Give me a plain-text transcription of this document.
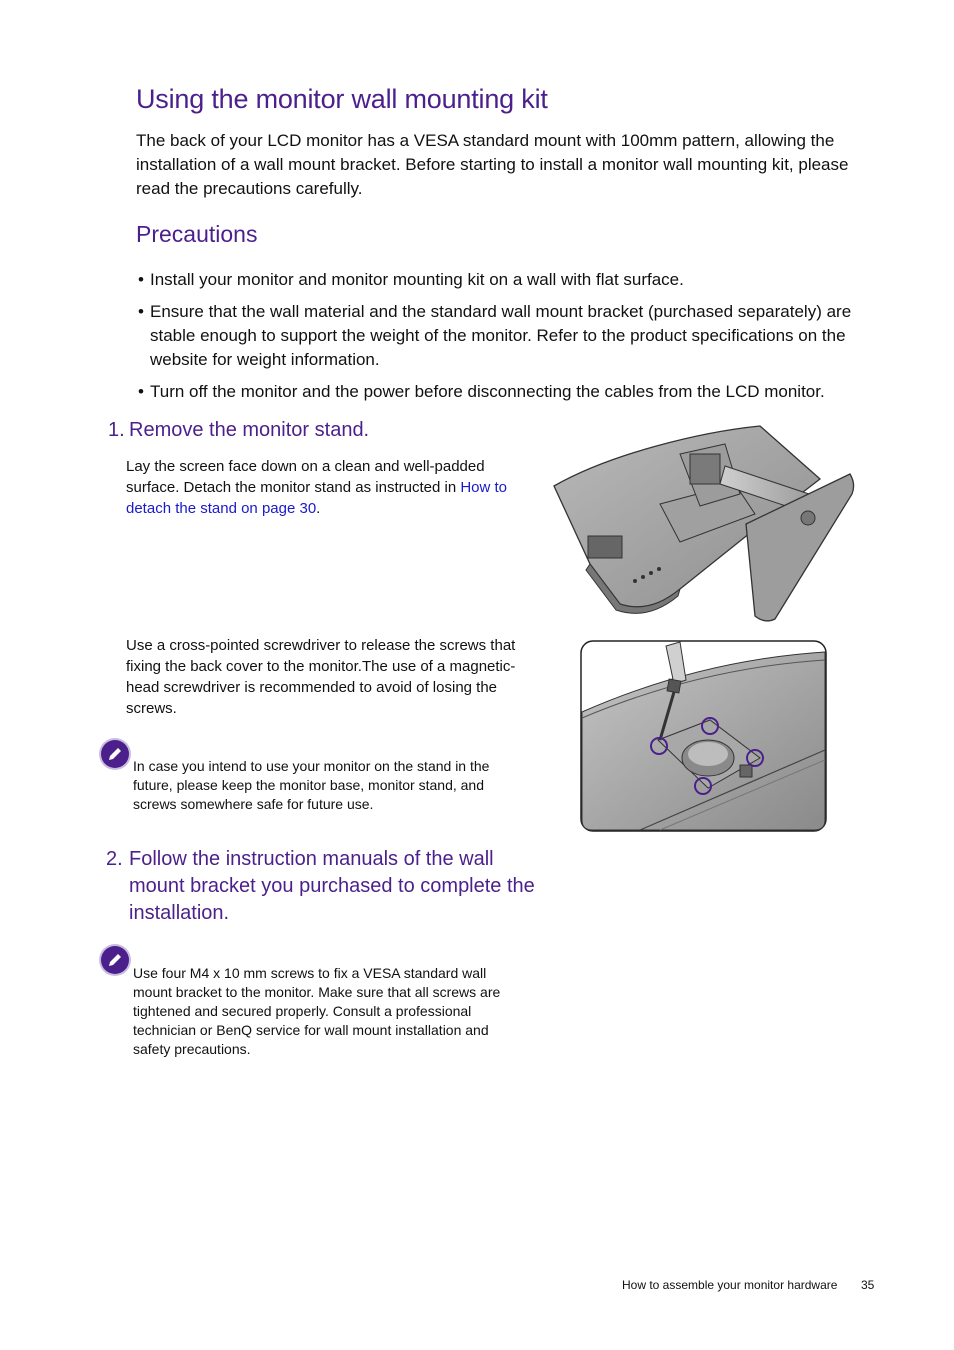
Using the monitor wall mounting kit

The back of your LCD monitor has a VESA standard mount with 100mm pattern, allowing the installation of a wall mount bracket. Before starting to install a monitor wall mounting kit, please read the precautions carefully.

Precautions
• Install your monitor and monitor mounting kit on a wall with flat surface.
• Ensure that the wall material and the standard wall mount bracket (purchased separately) are stable enough to support the weight of the monitor. Refer to the product specifications on the website for weight information.
• Turn off the monitor and the power before disconnecting the cables from the LCD monitor.
1. Remove the monitor stand.

Lay the screen face down on a clean and well-padded surface. Detach the monitor stand as instructed in How to detach the stand on page 30.

Use a cross-pointed screwdriver to release the screws that fixing the back cover to the monitor.The use of a magnetic-head screwdriver is recommended to avoid of losing the screws.

In case you intend to use your monitor on the stand in the future, please keep the monitor base, monitor stand, and screws somewhere safe for future use.

2. Follow the instruction manuals of the wall mount bracket you purchased to complete the installation.

Use four M4 x 10 mm screws to fix a VESA standard wall mount bracket to the monitor. Make sure that all screws are tightened and secured properly. Consult a professional technician or BenQ service for wall mount installation and safety precautions.

How to assemble your monitor hardware 35
